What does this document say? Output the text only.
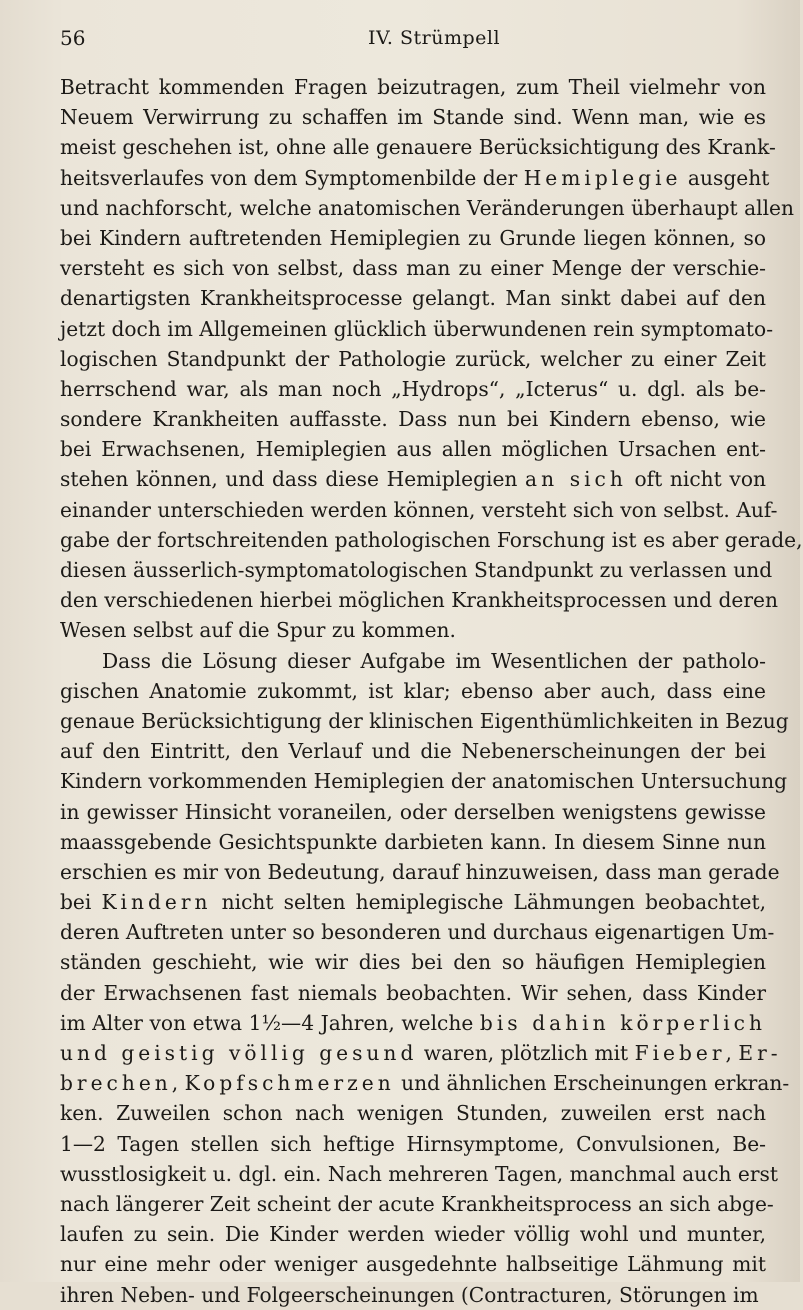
56	IV. Strümpell
Betracht kommenden Fragen beizutragen, zum Theil vielmehr von
Neuem Verwirrung zu schaffen im Stande sind. Wenn man, wie es
meist geschehen ist, ohne alle genauere Berücksichtigung des Krank-
heitsverlaufes von dem Symptomenbilde der Hemiplegie ausgeht
und nachforscht, welche anatomischen Veränderungen überhaupt allen
bei Kindern auftretenden Hemiplegien zu Grunde liegen können, so
versteht es sich von selbst, dass man zu einer Menge der verschie-
denartigsten Krankheitsprocesse gelangt. Man sinkt dabei auf den
jetzt doch im Allgemeinen glücklich überwundenen rein symptomato-
logischen Standpunkt der Pathologie zurück, welcher zu einer Zeit
herrschend war, als man noch „Hydrops“, „Icterus“ u. dgl. als be-
sondere Krankheiten auffasste. Dass nun bei Kindern ebenso, wie
bei Erwachsenen, Hemiplegien aus allen möglichen Ursachen ent-
stehen können, und dass diese Hemiplegien an sich oft nicht von
einander unterschieden werden können, versteht sich von selbst. Auf-
gabe der fortschreitenden pathologischen Forschung ist es aber gerade,
diesen äusserlich-symptomatologischen Standpunkt zu verlassen und
den verschiedenen hierbei möglichen Krankheitsprocessen und deren
Wesen selbst auf die Spur zu kommen.
Dass die Lösung dieser Aufgabe im Wesentlichen der patholo-
gischen Anatomie zukommt, ist klar; ebenso aber auch, dass eine
genaue Berücksichtigung der klinischen Eigenthümlichkeiten in Bezug
auf den Eintritt, den Verlauf und die Nebenerscheinungen der bei
Kindern vorkommenden Hemiplegien der anatomischen Untersuchung
in gewisser Hinsicht voraneilen, oder derselben wenigstens gewisse
maassgebende Gesichtspunkte darbieten kann. In diesem Sinne nun
erschien es mir von Bedeutung, darauf hinzuweisen, dass man gerade
bei Kindern nicht selten hemiplegische Lähmungen beobachtet,
deren Auftreten unter so besonderen und durchaus eigenartigen Um-
ständen geschieht, wie wir dies bei den so häufigen Hemiplegien
der Erwachsenen fast niemals beobachten. Wir sehen, dass Kinder
im Alter von etwa 1½—4 Jahren, welche bis dahin körperlich
und geistig völlig gesund waren, plötzlich mit Fieber, Er-
brechen, Kopfschmerzen und ähnlichen Erscheinungen erkran-
ken. Zuweilen schon nach wenigen Stunden, zuweilen erst nach
1—2 Tagen stellen sich heftige Hirnsymptome, Convulsionen, Be-
wusstlosigkeit u. dgl. ein. Nach mehreren Tagen, manchmal auch erst
nach längerer Zeit scheint der acute Krankheitsprocess an sich abge-
laufen zu sein. Die Kinder werden wieder völlig wohl und munter,
nur eine mehr oder weniger ausgedehnte halbseitige Lähmung mit
ihren Neben- und Folgeerscheinungen (Contracturen, Störungen im
